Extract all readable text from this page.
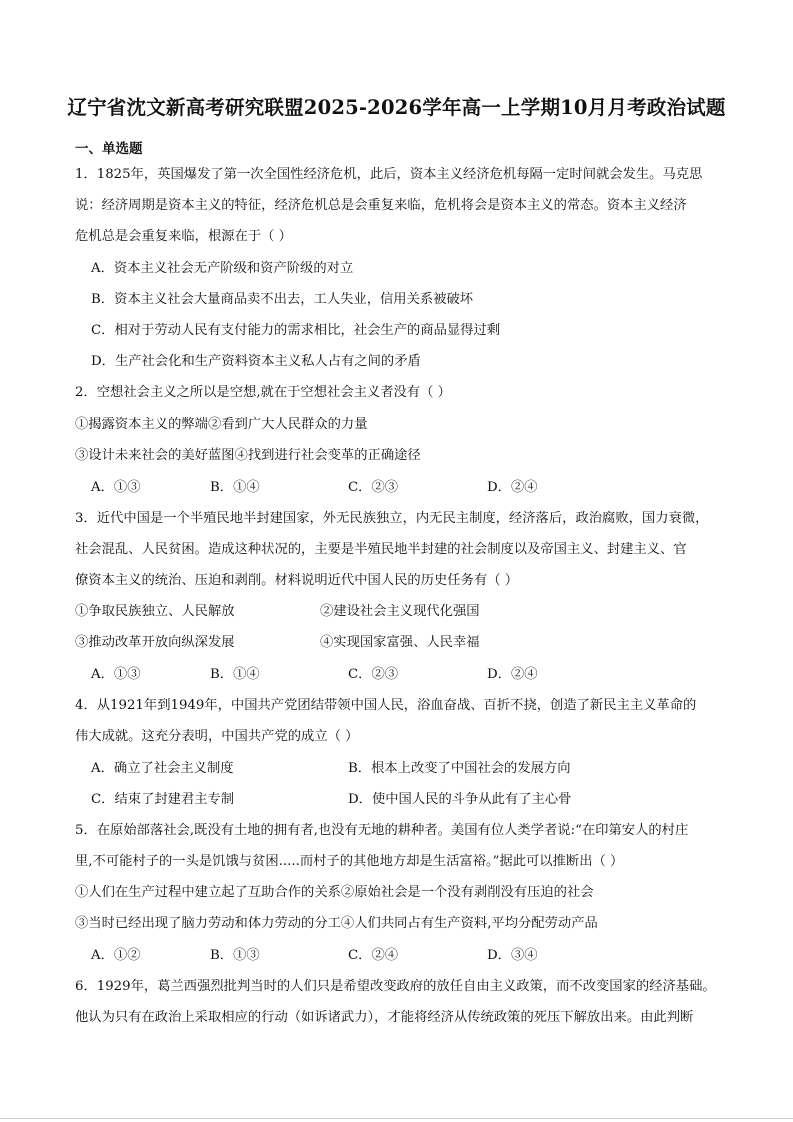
辽宁省沈文新高考研究联盟2025-2026学年高一上学期10月月考政治试题
一、单选题
1．1825年，英国爆发了第一次全国性经济危机，此后，资本主义经济危机每隔一定时间就会发生。马克思
说：经济周期是资本主义的特征，经济危机总是会重复来临，危机将会是资本主义的常态。资本主义经济
危机总是会重复来临，根源在于（ ）
A．资本主义社会无产阶级和资产阶级的对立
B．资本主义社会大量商品卖不出去，工人失业，信用关系被破坏
C．相对于劳动人民有支付能力的需求相比，社会生产的商品显得过剩
D．生产社会化和生产资料资本主义私人占有之间的矛盾
2．空想社会主义之所以是空想,就在于空想社会主义者没有（ ）
①揭露资本主义的弊端②看到广大人民群众的力量
③设计未来社会的美好蓝图④找到进行社会变革的正确途径
A．①③	B．①④	C．②③	D．②④
3．近代中国是一个半殖民地半封建国家，外无民族独立，内无民主制度，经济落后，政治腐败，国力衰微，
社会混乱、人民贫困。造成这种状况的，主要是半殖民地半封建的社会制度以及帝国主义、封建主义、官
僚资本主义的统治、压迫和剥削。材料说明近代中国人民的历史任务有（ ）
①争取民族独立、人民解放	②建设社会主义现代化强国
③推动改革开放向纵深发展	④实现国家富强、人民幸福
A．①③	B．①④	C．②③	D．②④
4．从1921年到1949年，中国共产党团结带领中国人民，浴血奋战、百折不挠，创造了新民主主义革命的
伟大成就。这充分表明，中国共产党的成立（ ）
A．确立了社会主义制度	B．根本上改变了中国社会的发展方向
C．结束了封建君主专制	D．使中国人民的斗争从此有了主心骨
5．在原始部落社会,既没有土地的拥有者,也没有无地的耕种者。美国有位人类学者说:“在印第安人的村庄
里,不可能村子的一头是饥饿与贫困.....而村子的其他地方却是生活富裕。”据此可以推断出（ ）
①人们在生产过程中建立起了互助合作的关系②原始社会是一个没有剥削没有压迫的社会
③当时已经出现了脑力劳动和体力劳动的分工④人们共同占有生产资料,平均分配劳动产品
A．①②	B．①③	C．②④	D．③④
6．1929年，葛兰西强烈批判当时的人们只是希望改变政府的放任自由主义政策，而不改变国家的经济基础。
他认为只有在政治上采取相应的行动（如诉诸武力），才能将经济从传统政策的死压下解放出来。由此判断
